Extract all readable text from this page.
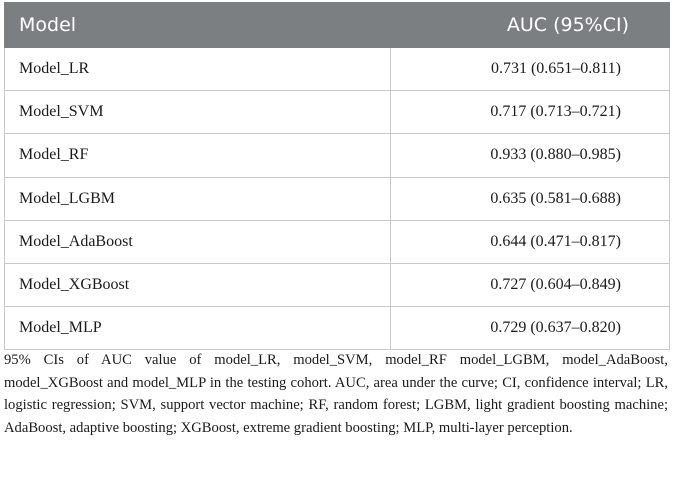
Model	AUC (95%CI)
Model_LR	0.731 (0.651–0.811)
Model_SVM	0.717 (0.713–0.721)
Model_RF	0.933 (0.880–0.985)
Model_LGBM	0.635 (0.581–0.688)
Model_AdaBoost	0.644 (0.471–0.817)
Model_XGBoost	0.727 (0.604–0.849)
Model_MLP	0.729 (0.637–0.820)

95% CIs of AUC value of model_LR, model_SVM, model_RF model_LGBM, model_AdaBoost, model_XGBoost and model_MLP in the testing cohort. AUC, area under the curve; CI, confidence interval; LR, logistic regression; SVM, support vector machine; RF, random forest; LGBM, light gradient boosting machine; AdaBoost, adaptive boosting; XGBoost, extreme gradient boosting; MLP, multi-layer perception.
